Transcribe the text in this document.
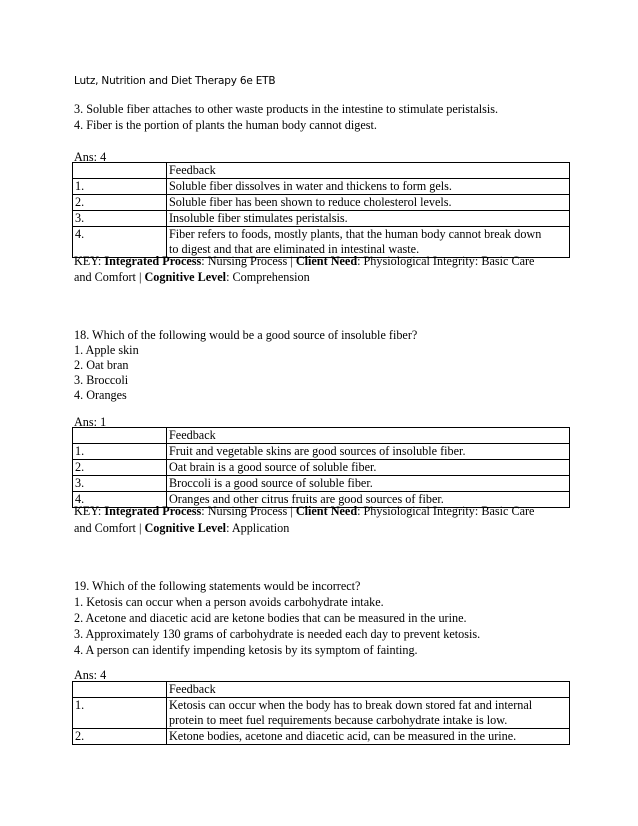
Lutz, Nutrition and Diet Therapy 6e ETB
3. Soluble fiber attaches to other waste products in the intestine to stimulate peristalsis.
4. Fiber is the portion of plants the human body cannot digest.
Ans: 4
	Feedback
1.	Soluble fiber dissolves in water and thickens to form gels.
2.	Soluble fiber has been shown to reduce cholesterol levels.
3.	Insoluble fiber stimulates peristalsis.
4.	Fiber refers to foods, mostly plants, that the human body cannot break down
to digest and that are eliminated in intestinal waste.
KEY: Integrated Process: Nursing Process | Client Need: Physiological Integrity: Basic Care
and Comfort | Cognitive Level: Comprehension
18. Which of the following would be a good source of insoluble fiber?
1. Apple skin
2. Oat bran
3. Broccoli
4. Oranges
Ans: 1
	Feedback
1.	Fruit and vegetable skins are good sources of insoluble fiber.
2.	Oat brain is a good source of soluble fiber.
3.	Broccoli is a good source of soluble fiber.
4.	Oranges and other citrus fruits are good sources of fiber.
KEY: Integrated Process: Nursing Process | Client Need: Physiological Integrity: Basic Care
and Comfort | Cognitive Level: Application
19. Which of the following statements would be incorrect?
1. Ketosis can occur when a person avoids carbohydrate intake.
2. Acetone and diacetic acid are ketone bodies that can be measured in the urine.
3. Approximately 130 grams of carbohydrate is needed each day to prevent ketosis.
4. A person can identify impending ketosis by its symptom of fainting.
Ans: 4
	Feedback
1.	Ketosis can occur when the body has to break down stored fat and internal
protein to meet fuel requirements because carbohydrate intake is low.
2.	Ketone bodies, acetone and diacetic acid, can be measured in the urine.
